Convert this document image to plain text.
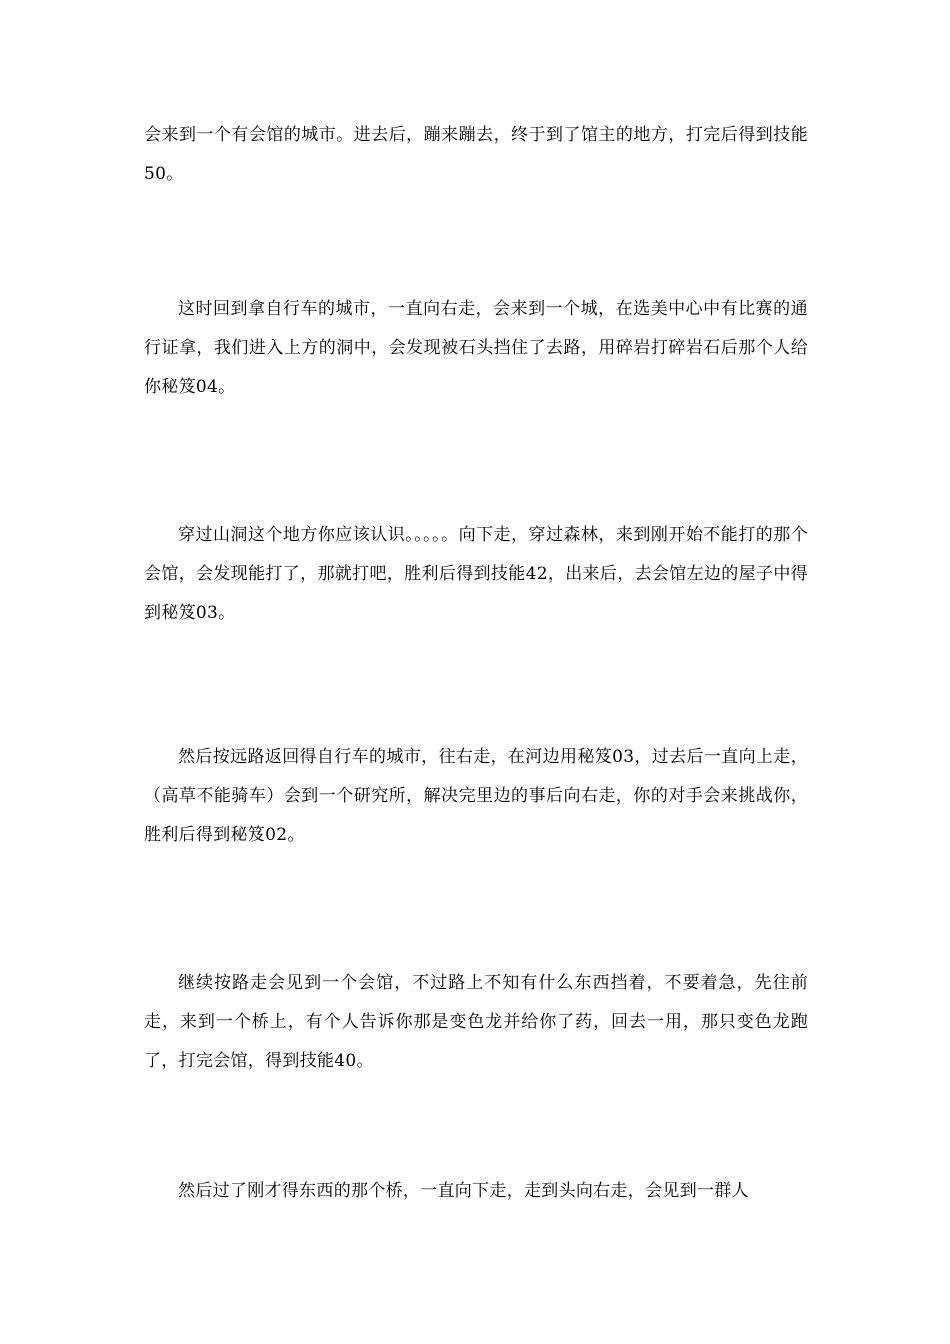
会来到一个有会馆的城市。进去后，蹦来蹦去，终于到了馆主的地方，打完后得到技能50。

这时回到拿自行车的城市，一直向右走，会来到一个城，在选美中心中有比赛的通行证拿，我们进入上方的洞中，会发现被石头挡住了去路，用碎岩打碎岩石后那个人给你秘笈04。

穿过山洞这个地方你应该认识。。。。。向下走，穿过森林，来到刚开始不能打的那个会馆，会发现能打了，那就打吧，胜利后得到技能42，出来后，去会馆左边的屋子中得到秘笈03。

然后按远路返回得自行车的城市，往右走，在河边用秘笈03，过去后一直向上走，（高草不能骑车）会到一个研究所，解决完里边的事后向右走，你的对手会来挑战你，胜利后得到秘笈02。

继续按路走会见到一个会馆，不过路上不知有什么东西挡着，不要着急，先往前走，来到一个桥上，有个人告诉你那是变色龙并给你了药，回去一用，那只变色龙跑了，打完会馆，得到技能40。

然后过了刚才得东西的那个桥，一直向下走，走到头向右走，会见到一群人
